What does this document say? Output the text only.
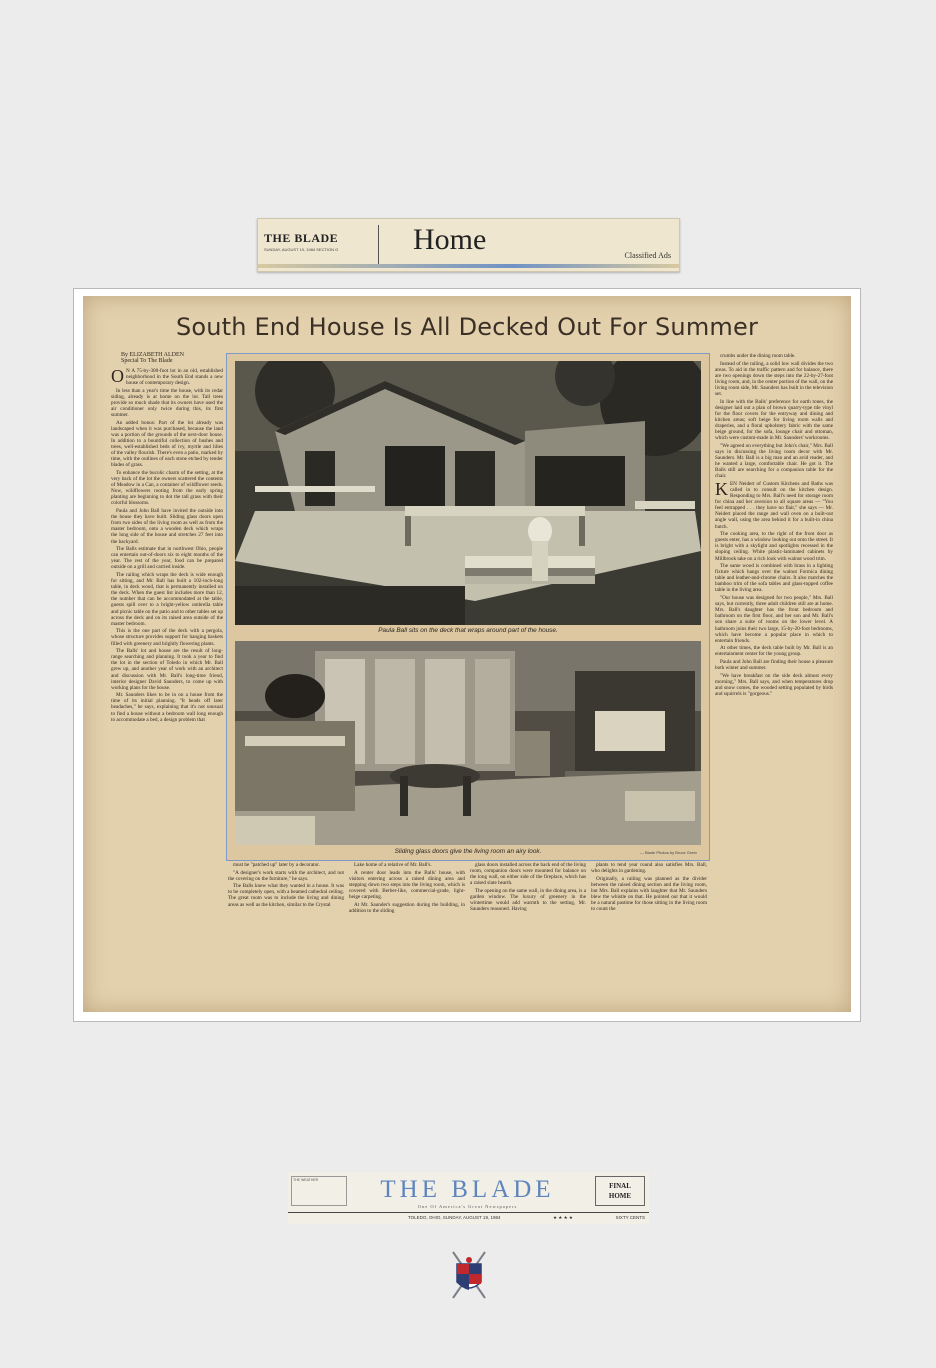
THE BLADE
SUNDAY, AUGUST 19, 1984 SECTION G Home	Classified Ads
South End House Is All Decked Out For Summer
By ELIZABETH ALDEN
Special To The Blade

O N A 75-by-300-foot lot in an old, established neighborhood in the South End stands a new house of contemporary design.

In less than a year's time the house, with its cedar siding, already is at home on the lot. Tall trees provide so much shade that its owners have used the air conditioner only twice during this, its first summer.

An added bonus: Part of the lot already was landscaped when it was purchased, because the land was a portion of the grounds of the next-door house. In addition to a bountiful collection of bushes and trees, well-established beds of ivy, myrtle and lilies of the valley flourish. There's even a patio, marked by time, with the outlines of each stone etched by tender blades of grass.

To enhance the bucolic charm of the setting, at the very back of the lot the owners scattered the contents of Meadow in a Can, a container of wildflower seeds. Now, wildflowers rooting from the early spring planting are beginning to dot the tall grass with their colorful blossoms.

Paula and John Ball have invited the outside into the house they have built. Sliding glass doors open from two sides of the living room as well as from the master bedroom, onto a wooden deck which wraps the long side of the house and stretches 27 feet into the backyard.

The Balls estimate that in northwest Ohio, people can entertain out-of-doors six to eight months of the year. The rest of the year, food can be prepared outside on a grill and carried inside.

The railing which wraps the deck is wide enough for sitting, and Mr. Ball has built a 102-inch-long table, in deck wood, that is permanently installed on the deck. When the guest list includes more than 12, the number that can be accommodated at the table, guests spill over to a bright-yellow umbrella table and picnic table on the patio and to other tables set up across the deck and on its raised area outside of the master bedroom.

This is the one part of the deck with a pergola, whose structure provides support for hanging baskets filled with greenery and brightly flowering plants.

The Balls' lot and house are the result of long-range searching and planning. It took a year to find the lot in the section of Toledo in which Mr. Ball grew up, and another year of work with an architect and discussion with Mr. Ball's long-time friend, interior designer David Saunders, to come up with working plans for the house.

Mr. Saunders likes to be in on a house from the time of its initial planning. "It heads off later headaches," he says, explaining that it's not unusual to find a house without a bedroom wall long enough to accommodate a bed, a design problem that

Paula Ball sits on the deck that wraps around part of the house.
Sliding glass doors give the living room an airy look.	— Blade Photos by Bruce Greer

must be "patched up" later by a decorator.

"A designer's work starts with the architect, and not the covering on the furniture," he says.

The Balls knew what they wanted in a house. It was to be completely open, with a beamed cathedral ceiling. The great room was to include the living and dining areas as well as the kitchen, similar to the Crystal

Lake home of a relative of Mr. Ball's.

A center door leads into the Balls' house, with visitors entering across a raised dining area and stepping down two steps into the living room, which is covered with Berber-like, commercial-grade, light-beige carpeting.

At Mr. Saunder's suggestion during the building, in addition to the sliding

glass doors installed across the back end of the living room, companion doors were mounted for balance on the long wall, on either side of the fireplace, which has a raised slate hearth.

The opening on the same wall, in the dining area, is a garden window. The luxury of greenery in the wintertime would add warmth to the setting, Mr. Saunders reasoned. Having

plants to tend year round also satisfies Mrs. Ball, who delights in gardening.

Originally, a railing was planned as the divider between the raised dining section and the living room, but Mrs. Ball explains with laughter that Mr. Saunders blew the whistle on that. He pointed out that it would be a natural pastime for those sitting in the living room to count the

crumbs under the dining room table.

Instead of the railing, a solid low wall divides the two areas. To aid in the traffic pattern and for balance, there are two openings down the steps into the 22-by-27-foot living room, and, in the center portion of the wall, on the living room side, Mr. Saunders has built in the television set.

In line with the Balls' preference for earth tones, the designer laid out a plan of brown quarry-type tile vinyl for the floor covers for the entryway and dining and kitchen areas; soft beige for living room walls and draperies, and a floral upholstery fabric with the same beige ground, for the sofa, lounge chair and ottoman, which were custom-made in Mr. Saunders' workrooms.

"We agreed on everything but John's chair," Mrs. Ball says in discussing the living room decor with Mr. Saunders. Mr. Ball is a big man and an avid reader, and he wanted a large, comfortable chair. He got it. The Balls still are searching for a companion table for the chair.

KEN Neidert of Custom Kitchens and Baths was called in to consult on the kitchen design. Responding to Mrs. Ball's need for storage room for china and her aversion to all square areas — "You feel entrapped . . . they have no flair," she says — Mr. Neidert placed the range and wall oven on a built-out angle wall, using the area behind it for a built-in china hutch.

The cooking area, to the right of the front door as guests enter, has a window looking out onto the street. It is bright with a skylight and spotlights recessed in the sloping ceiling. White plastic-laminated cabinets by Millbrook take on a rich look with walnut wood trim.

The same wood is combined with brass in a lighting fixture which hangs over the walnut Formica dining table and leather-and-chrome chairs. It also matches the bamboo trim of the sofa tables and glass-topped coffee table in the living area.

"Our house was designed for two people," Mrs. Ball says, but currently, three adult children still are at home. Mrs. Ball's daughter has the front bedroom and bathroom on the first floor, and her son and Mr. Ball's son share a suite of rooms on the lower level. A bathroom joins their two large, 15-by-20-foot bedrooms, which have become a popular place in which to entertain friends.

At other times, the deck table built by Mr. Ball is an entertainment center for the young group.

Paula and John Ball are finding their house a pleasure both winter and summer.

"We have breakfast on the side deck almost every morning," Mrs. Ball says, and when temperatures drop and snow comes, the wooded setting populated by birds and squirrels is "gorgeous."

THE WEATHER	THE BLADE
One Of America's Great Newspapers
FINAL
HOME
TOLEDO, OHIO, SUNDAY, AUGUST 19, 1984	★ ★ ★ ★	SIXTY CENTS
